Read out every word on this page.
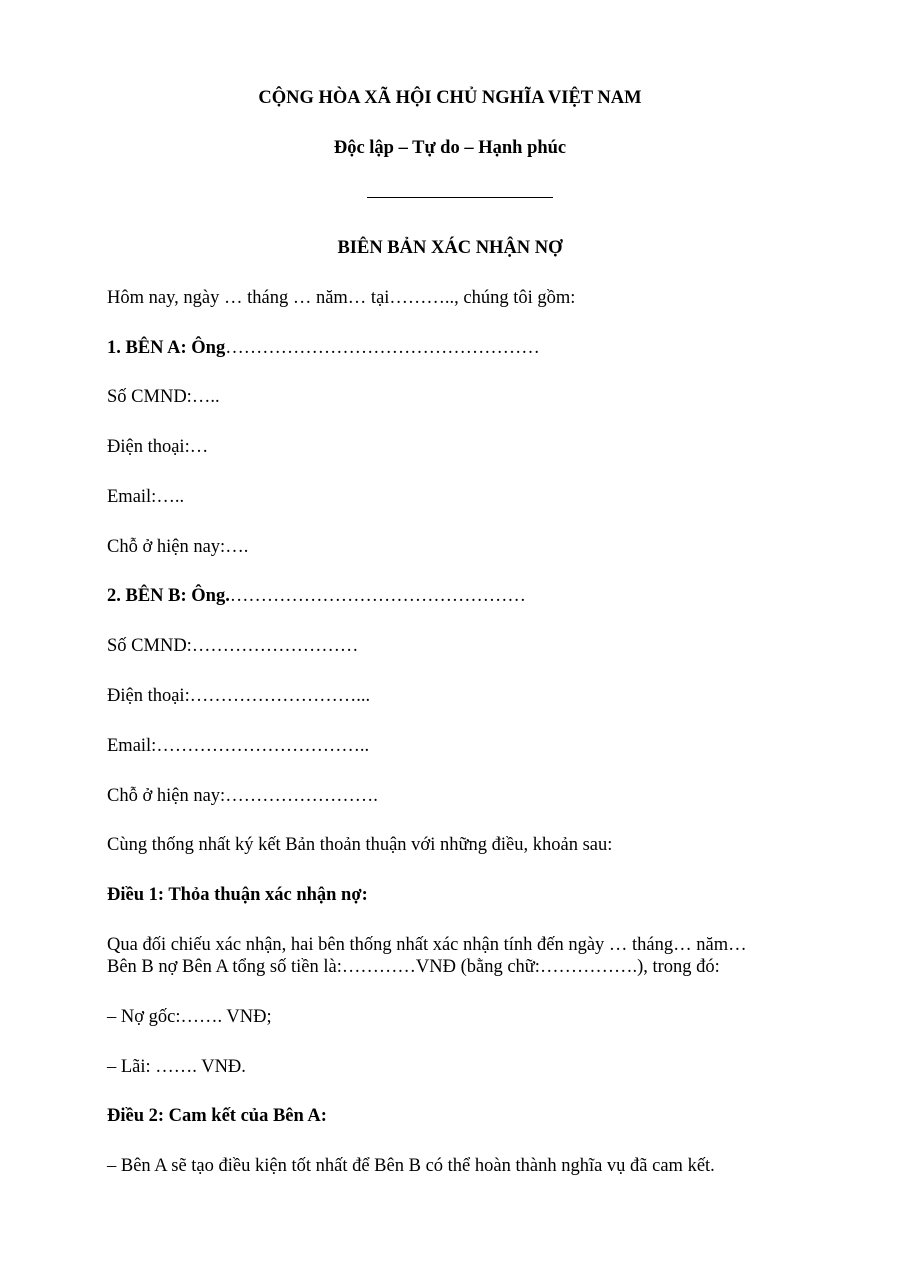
CỘNG HÒA XÃ HỘI CHỦ NGHĨA VIỆT NAM
Độc lập – Tự do – Hạnh phúc
BIÊN BẢN XÁC NHẬN NỢ

Hôm nay, ngày … tháng … năm… tại……….., chúng tôi gồm:

1. BÊN A: Ông……………………………………………

Số CMND:…..

Điện thoại:…

Email:…..

Chỗ ở hiện nay:….

2. BÊN B: Ông.…………………………………………

Số CMND:………………………

Điện thoại:………………………...

Email:……………………………..

Chỗ ở hiện nay:…………………….

Cùng thống nhất ký kết Bản thoản thuận với những điều, khoản sau:

Điều 1: Thỏa thuận xác nhận nợ:

Qua đối chiếu xác nhận, hai bên thống nhất xác nhận tính đến ngày … tháng… năm…

Bên B nợ Bên A tổng số tiền là:…………VNĐ (bằng chữ:…………….), trong đó:

– Nợ gốc:……. VNĐ;

– Lãi: ……. VNĐ.

Điều 2: Cam kết của Bên A:

– Bên A sẽ tạo điều kiện tốt nhất để Bên B có thể hoàn thành nghĩa vụ đã cam kết.
